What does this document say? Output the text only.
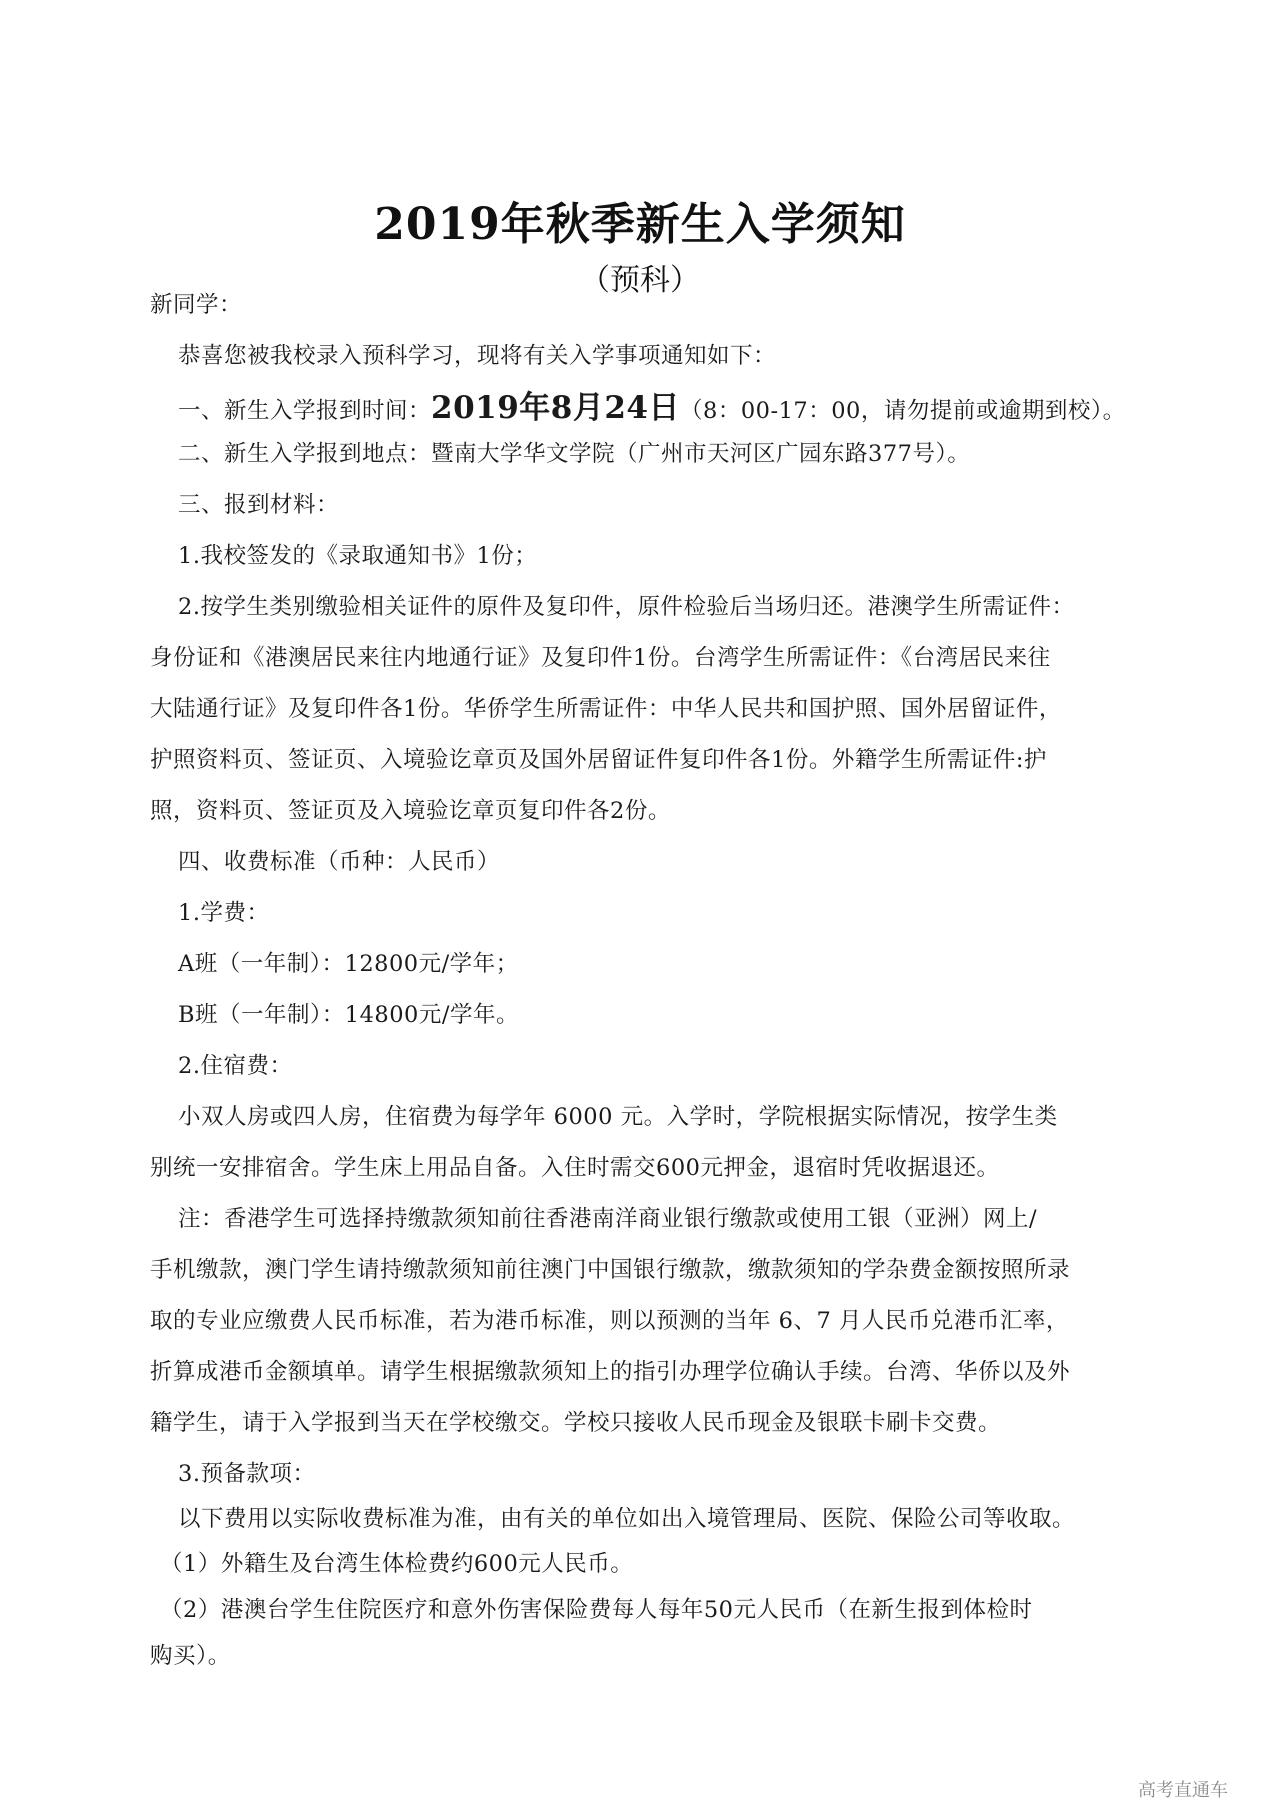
2019年秋季新生入学须知
（预科）
新同学：
恭喜您被我校录入预科学习，现将有关入学事项通知如下：
一、新生入学报到时间：2019年8月24日（8：00-17：00，请勿提前或逾期到校）。
二、新生入学报到地点：暨南大学华文学院（广州市天河区广园东路377号）。
三、报到材料：
1.我校签发的《录取通知书》1份；
2.按学生类别缴验相关证件的原件及复印件，原件检验后当场归还。港澳学生所需证件：
身份证和《港澳居民来往内地通行证》及复印件1份。台湾学生所需证件：《台湾居民来往
大陆通行证》及复印件各1份。华侨学生所需证件：中华人民共和国护照、国外居留证件，
护照资料页、签证页、入境验讫章页及国外居留证件复印件各1份。外籍学生所需证件:护
照，资料页、签证页及入境验讫章页复印件各2份。
四、收费标准（币种：人民币）
1.学费：
A班（一年制）：12800元/学年；
B班（一年制）：14800元/学年。
2.住宿费：
小双人房或四人房，住宿费为每学年 6000 元。入学时，学院根据实际情况，按学生类
别统一安排宿舍。学生床上用品自备。入住时需交600元押金，退宿时凭收据退还。
注：香港学生可选择持缴款须知前往香港南洋商业银行缴款或使用工银（亚洲）网上/
手机缴款，澳门学生请持缴款须知前往澳门中国银行缴款，缴款须知的学杂费金额按照所录
取的专业应缴费人民币标准，若为港币标准，则以预测的当年 6、7 月人民币兑港币汇率，
折算成港币金额填单。请学生根据缴款须知上的指引办理学位确认手续。台湾、华侨以及外
籍学生，请于入学报到当天在学校缴交。学校只接收人民币现金及银联卡刷卡交费。
3.预备款项：
以下费用以实际收费标准为准，由有关的单位如出入境管理局、医院、保险公司等收取。
（1）外籍生及台湾生体检费约600元人民币。
（2）港澳台学生住院医疗和意外伤害保险费每人每年50元人民币（在新生报到体检时
购买）。
高考直通车
